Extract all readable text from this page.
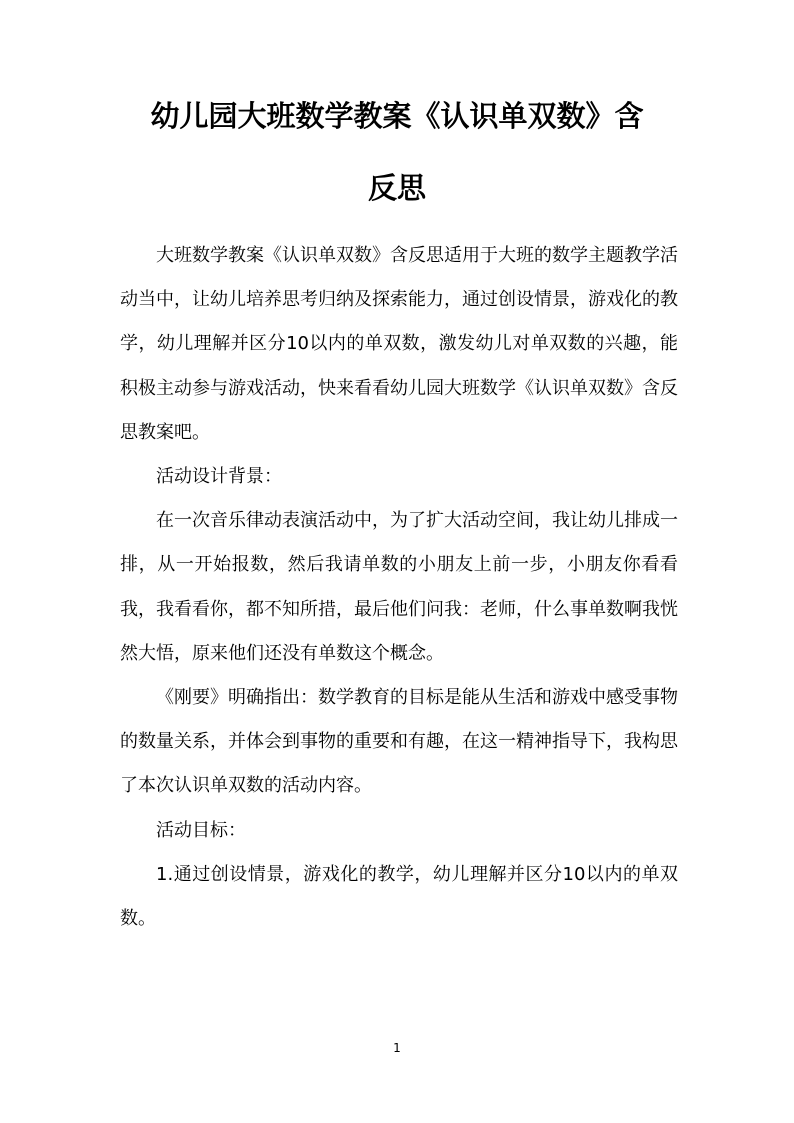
幼儿园大班数学教案《认识单双数》含
反思

大班数学教案《认识单双数》含反思适用于大班的数学主题教学活动当中，让幼儿培养思考归纳及探索能力，通过创设情景，游戏化的教学，幼儿理解并区分10以内的单双数，激发幼儿对单双数的兴趣，能积极主动参与游戏活动，快来看看幼儿园大班数学《认识单双数》含反思教案吧。

活动设计背景：

在一次音乐律动表演活动中，为了扩大活动空间，我让幼儿排成一排，从一开始报数，然后我请单数的小朋友上前一步，小朋友你看看我，我看看你，都不知所措，最后他们问我：老师，什么事单数啊我恍然大悟，原来他们还没有单数这个概念。

《刚要》明确指出：数学教育的目标是能从生活和游戏中感受事物的数量关系，并体会到事物的重要和有趣，在这一精神指导下，我构思了本次认识单双数的活动内容。

活动目标：

1.通过创设情景，游戏化的教学，幼儿理解并区分10以内的单双数。

1
